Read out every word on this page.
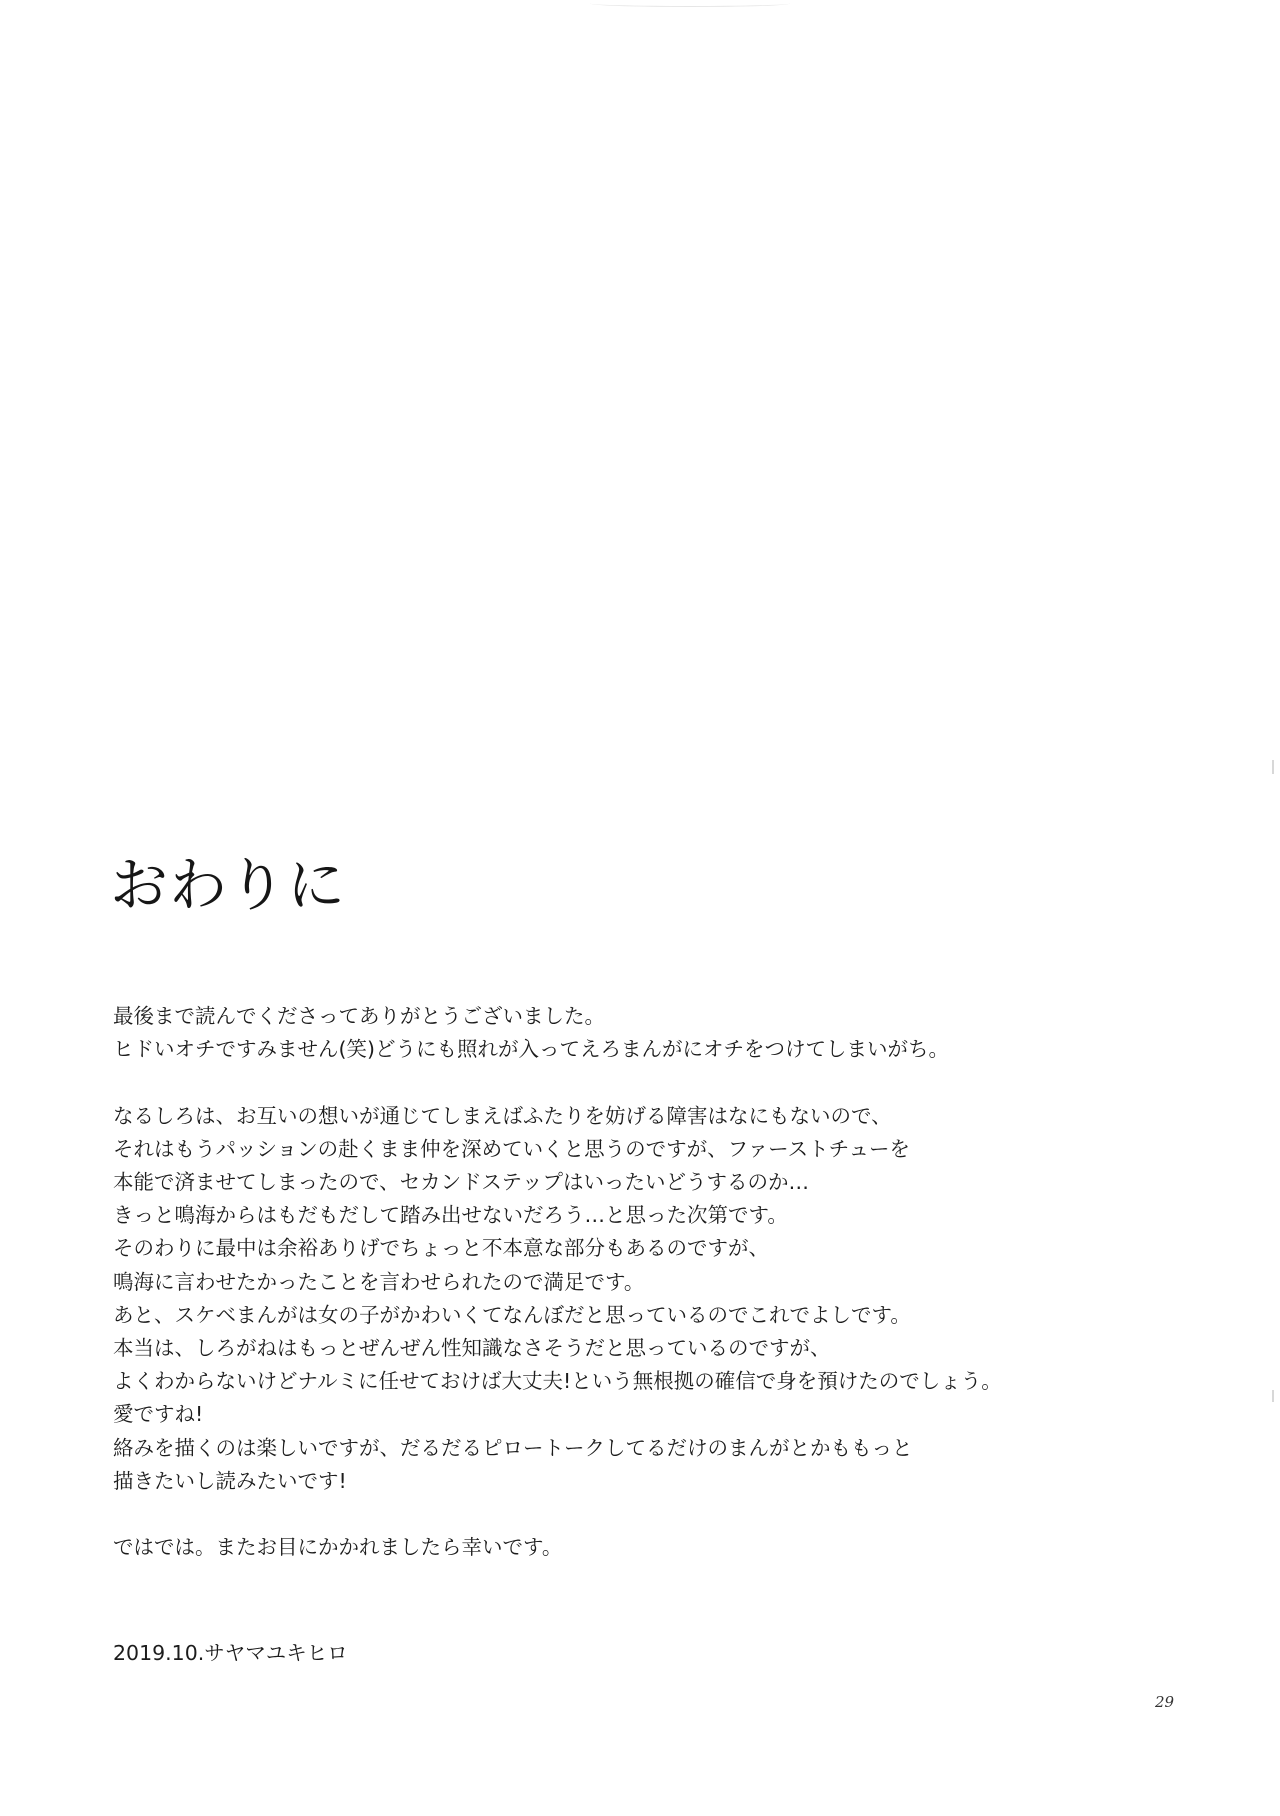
おわりに
最後まで読んでくださってありがとうございました。
ヒドいオチですみません(笑)どうにも照れが入ってえろまんがにオチをつけてしまいがち。
なるしろは、お互いの想いが通じてしまえばふたりを妨げる障害はなにもないので、
それはもうパッションの赴くまま仲を深めていくと思うのですが、ファーストチューを
本能で済ませてしまったので、セカンドステップはいったいどうするのか…
きっと鳴海からはもだもだして踏み出せないだろう…と思った次第です。
そのわりに最中は余裕ありげでちょっと不本意な部分もあるのですが、
鳴海に言わせたかったことを言わせられたので満足です。
あと、スケベまんがは女の子がかわいくてなんぼだと思っているのでこれでよしです。
本当は、しろがねはもっとぜんぜん性知識なさそうだと思っているのですが、
よくわからないけどナルミに任せておけば大丈夫!という無根拠の確信で身を預けたのでしょう。
愛ですね!
絡みを描くのは楽しいですが、だるだるピロートークしてるだけのまんがとかももっと
描きたいし読みたいです!
ではでは。またお目にかかれましたら幸いです。
2019.10.サヤマユキヒロ
29
